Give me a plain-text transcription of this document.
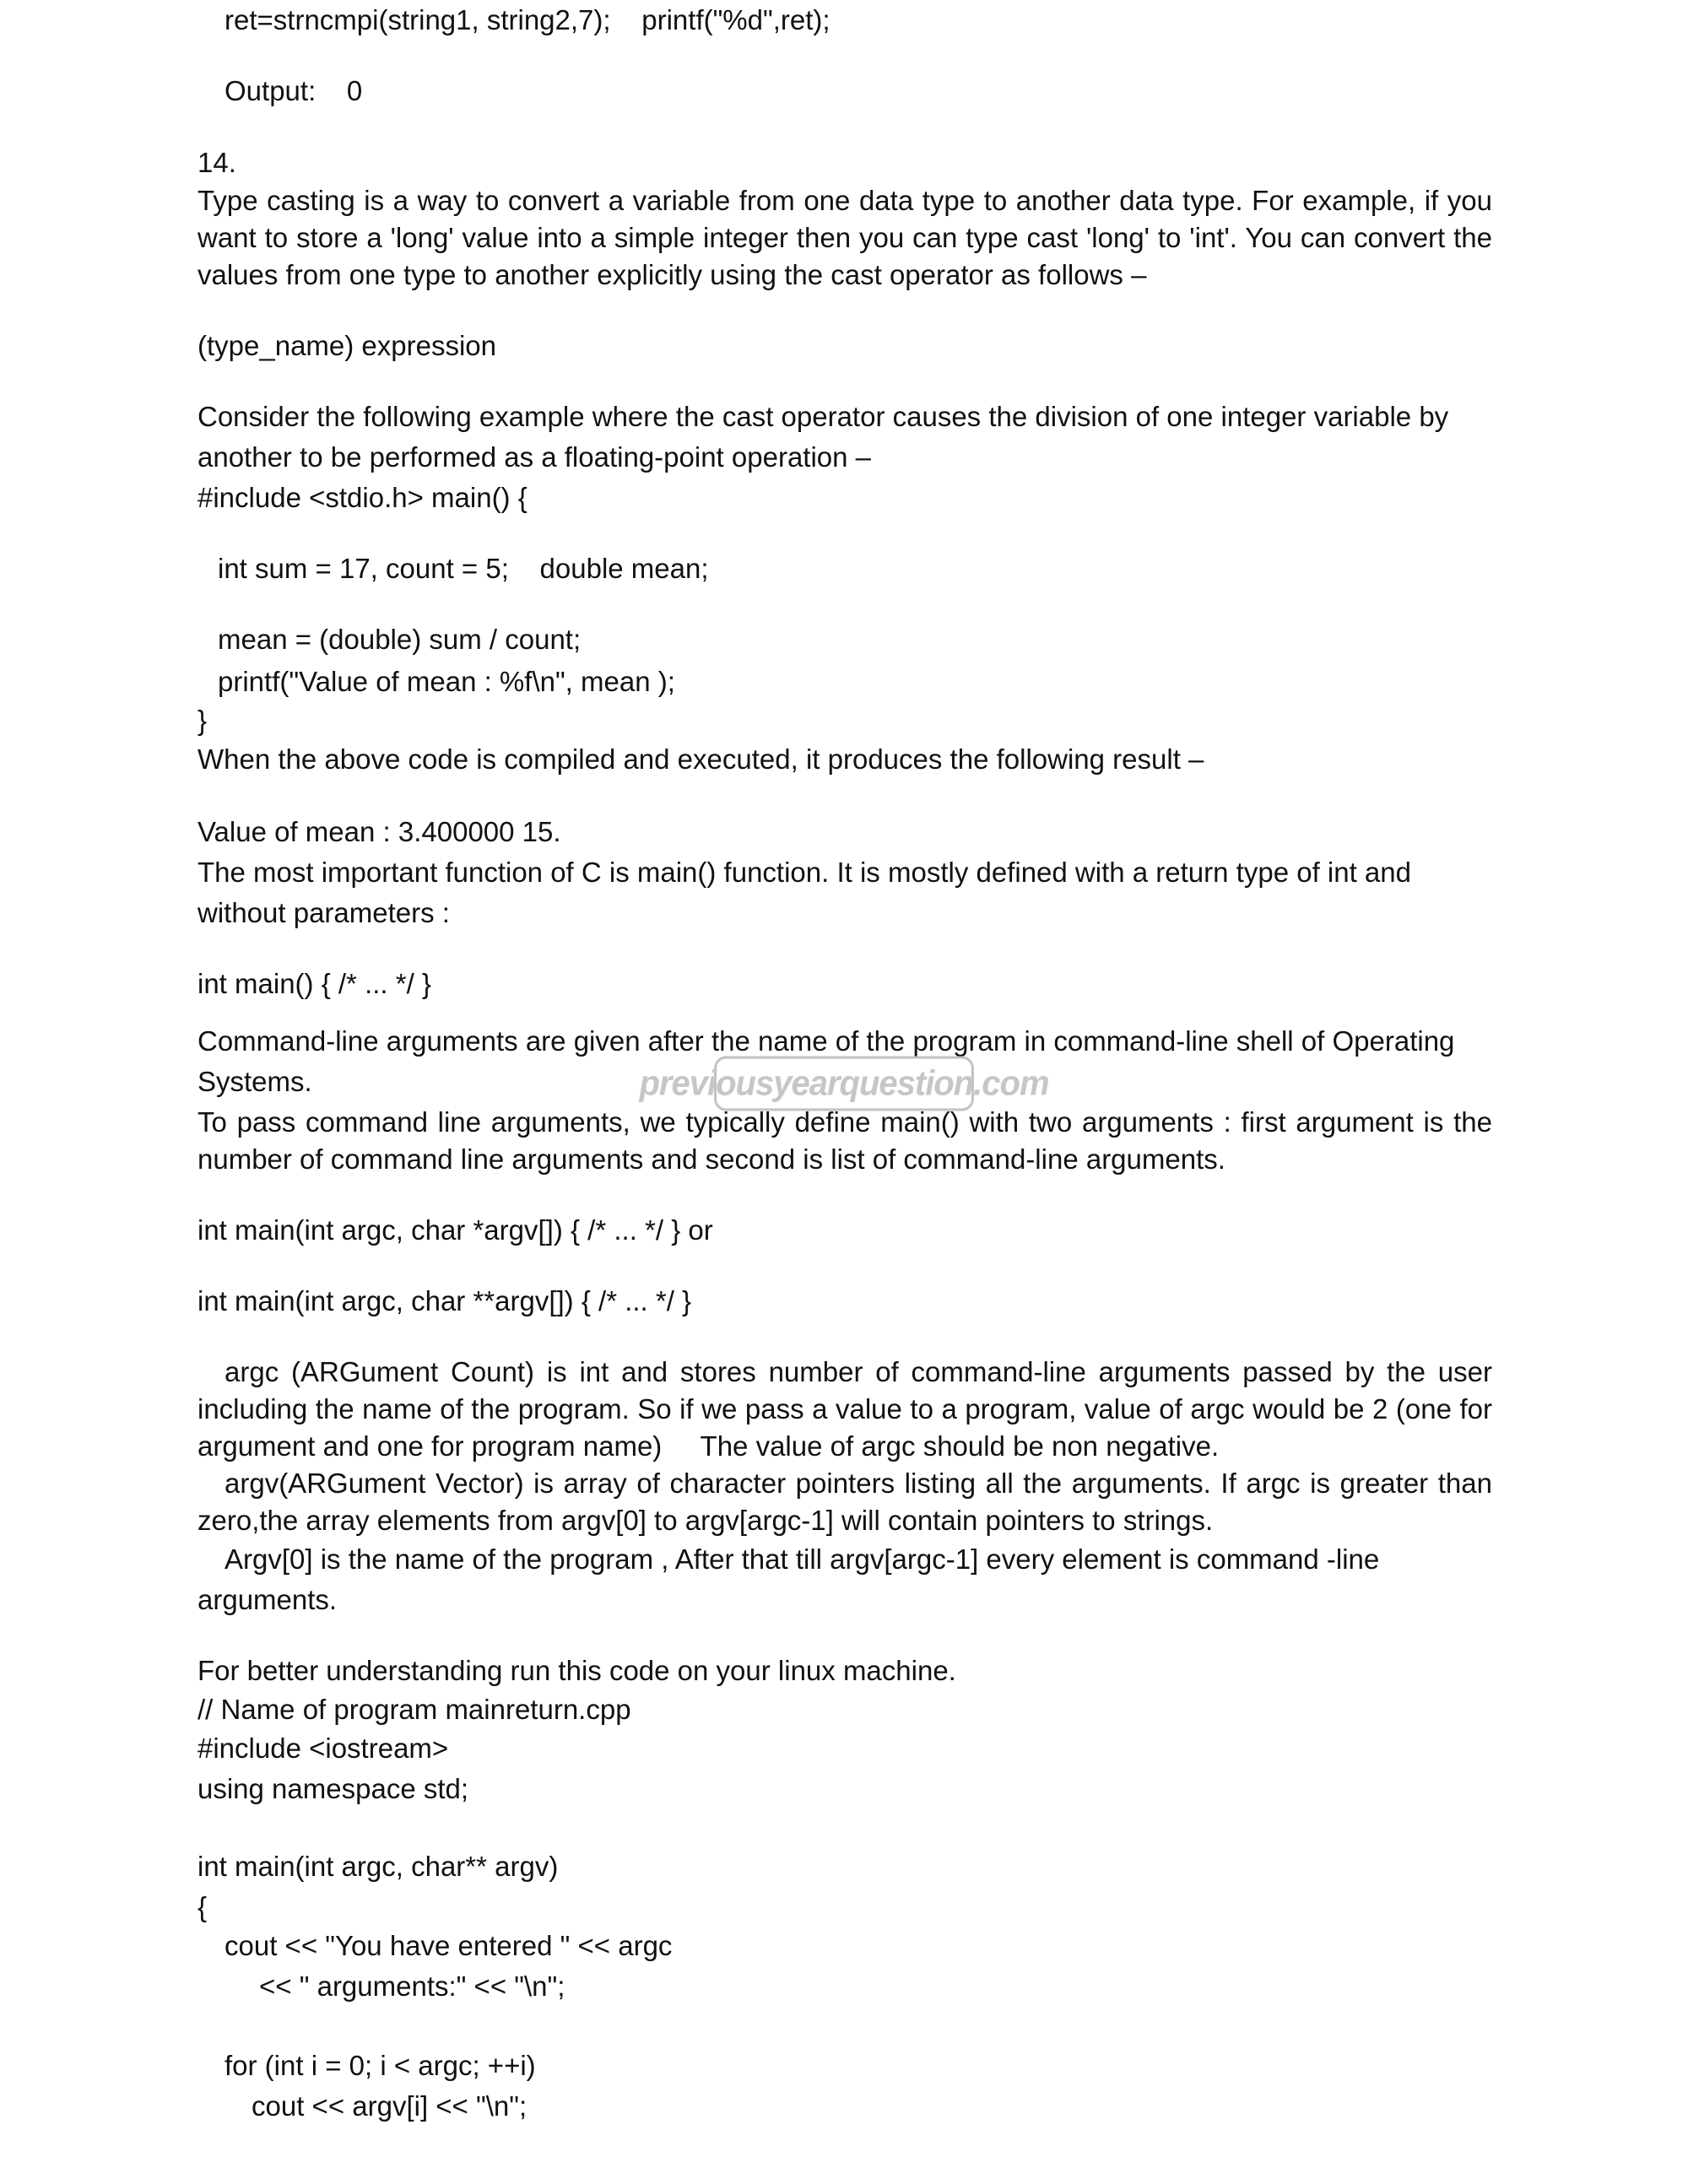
ret=strncmpi(string1, string2,7);    printf("%d",ret);

Output:    0

14.

Type casting is a way to convert a variable from one data type to another data type. For example, if you

want to store a 'long' value into a simple integer then you can type cast 'long' to 'int'. You can convert the

values from one type to another explicitly using the cast operator as follows –

(type_name) expression

Consider the following example where the cast operator causes the division of one integer variable by

another to be performed as a floating-point operation –

#include <stdio.h> main() {

int sum = 17, count = 5;    double mean;

mean = (double) sum / count;

printf("Value of mean : %f\n", mean );

}

When the above code is compiled and executed, it produces the following result –

Value of mean : 3.400000 15.

The most important function of C is main() function. It is mostly defined with a return type of int and

without parameters :

int main() { /* ... */ }

Command-line arguments are given after the name of the program in command-line shell of Operating

Systems.

To pass command line arguments, we typically define main() with two arguments : first argument is the

number of command line arguments and second is list of command-line arguments.

int main(int argc, char *argv[]) { /* ... */ } or

int main(int argc, char **argv[]) { /* ... */ }

argc (ARGument Count) is int and stores number of command-line arguments passed by the user

including the name of the program. So if we pass a value to a program, value of argc would be 2 (one for

argument and one for program name)     The value of argc should be non negative.

argv(ARGument Vector) is array of character pointers listing all the arguments. If argc is greater than

zero,the array elements from argv[0] to argv[argc-1] will contain pointers to strings.

Argv[0] is the name of the program , After that till argv[argc-1] every element is command -line

arguments.

For better understanding run this code on your linux machine.

// Name of program mainreturn.cpp

#include <iostream>

using namespace std;

int main(int argc, char** argv)

{

cout << "You have entered " << argc

<< " arguments:" << "\n";

for (int i = 0; i < argc; ++i)

cout << argv[i] << "\n";

previousyearquestion.com
